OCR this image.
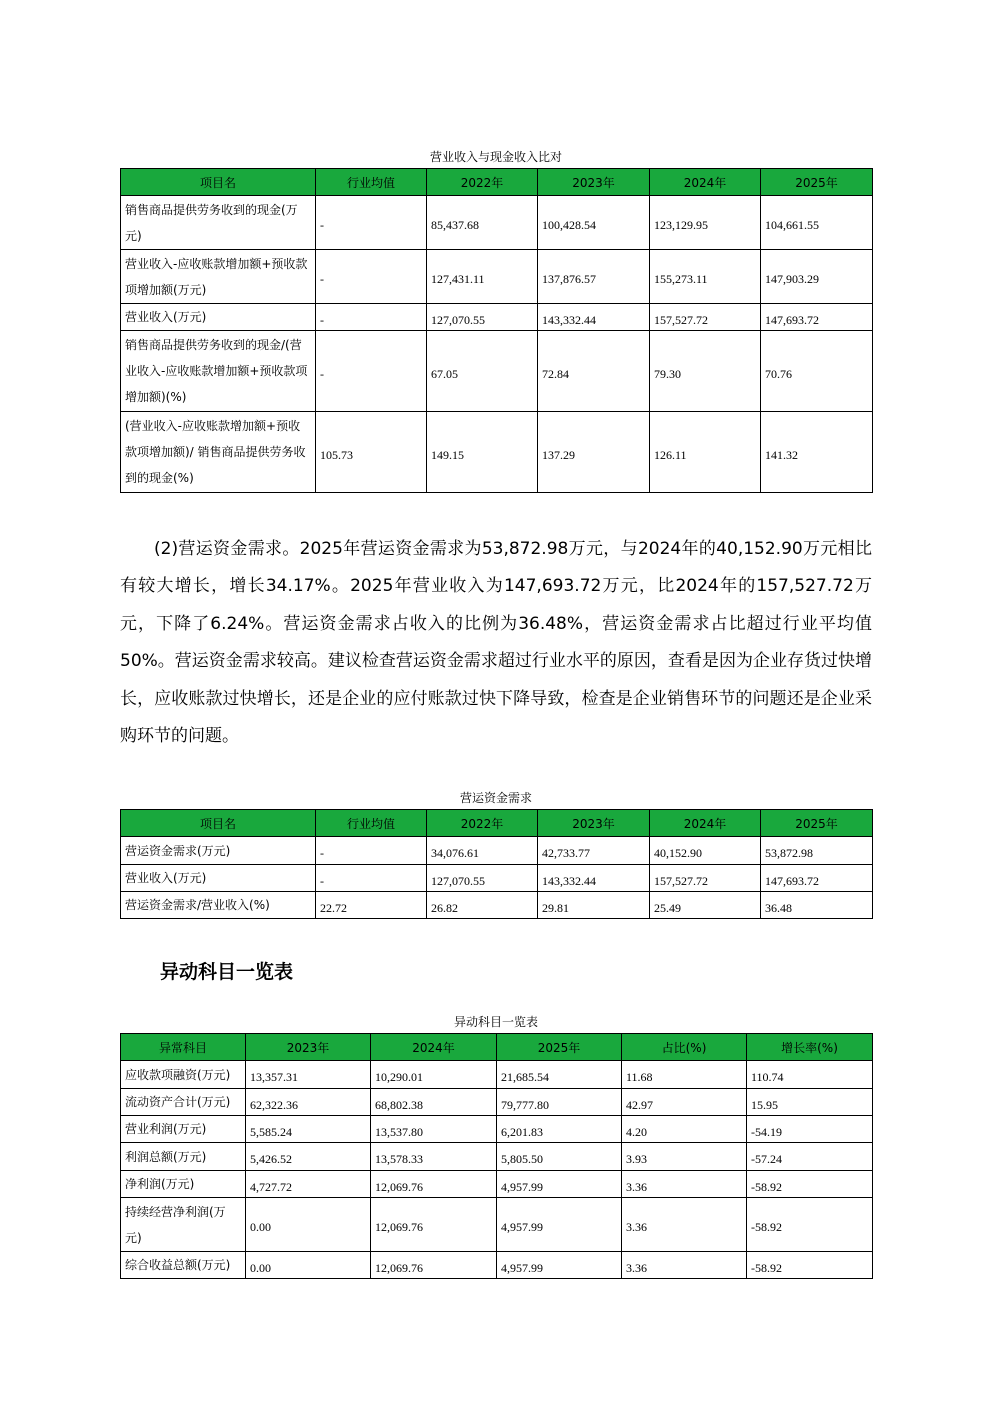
营业收入与现金收入比对
项目名	行业均值	2022年	2023年	2024年	2025年
销售商品提供劳务收到的现金(万元)	-	85,437.68	100,428.54	123,129.95	104,661.55
营业收入-应收账款增加额+预收款项增加额(万元)	-	127,431.11	137,876.57	155,273.11	147,903.29
营业收入(万元)	-	127,070.55	143,332.44	157,527.72	147,693.72
销售商品提供劳务收到的现金/(营业收入-应收账款增加额+预收款项增加额)(%)	-	67.05	72.84	79.30	70.76
(营业收入-应收账款增加额+预收款项增加额)/ 销售商品提供劳务收到的现金(%)	105.73	149.15	137.29	126.11	141.32
(2)营运资金需求。2025年营运资金需求为53,872.98万元，与2024年的40,152.90万元相比有较大增长，增长34.17%。2025年营业收入为147,693.72万元，比2024年的157,527.72万元，下降了6.24%。营运资金需求占收入的比例为36.48%，营运资金需求占比超过行业平均值50%。营运资金需求较高。建议检查营运资金需求超过行业水平的原因，查看是因为企业存货过快增长，应收账款过快增长，还是企业的应付账款过快下降导致，检查是企业销售环节的问题还是企业采购环节的问题。
营运资金需求
项目名	行业均值	2022年	2023年	2024年	2025年
营运资金需求(万元)	-	34,076.61	42,733.77	40,152.90	53,872.98
营业收入(万元)	-	127,070.55	143,332.44	157,527.72	147,693.72
营运资金需求/营业收入(%)	22.72	26.82	29.81	25.49	36.48
异动科目一览表
异动科目一览表
异常科目	2023年	2024年	2025年	占比(%)	增长率(%)
应收款项融资(万元)	13,357.31	10,290.01	21,685.54	11.68	110.74
流动资产合计(万元)	62,322.36	68,802.38	79,777.80	42.97	15.95
营业利润(万元)	5,585.24	13,537.80	6,201.83	4.20	-54.19
利润总额(万元)	5,426.52	13,578.33	5,805.50	3.93	-57.24
净利润(万元)	4,727.72	12,069.76	4,957.99	3.36	-58.92
持续经营净利润(万元)	0.00	12,069.76	4,957.99	3.36	-58.92
综合收益总额(万元)	0.00	12,069.76	4,957.99	3.36	-58.92
